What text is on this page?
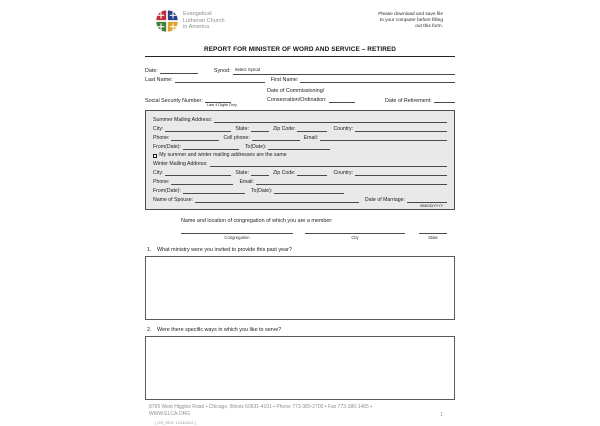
Evangelical
Lutheran Church
in America
Please download and save file
to your computer before filling
out this form.
REPORT FOR MINISTER OF WORD AND SERVICE – RETIRED
Date:	Synod: Select Synod
Last Name:	First Name:
Social Security Number:
Last 4 Digits Only
Date of Commissioning/
Consecration/Ordination:	Date of Retirement:
Summer Mailing Address:
City:	State:	Zip Code:	Country:
Phone:	Cell phone:	Email:
From(Date):	To(Date):
My summer and winter mailing addresses are the same
Winter Mailing Address:
City:	State:	Zip Code:	Country:
Phone:	Email:
From(Date):	To(Date):
Name of Spouse:	Date of Marriage:
MM/DD/YYYY
Name and location of congregation of which you are a member:
Congregation	City	State
1.	What ministry were you invited to provide this past year?
2.	Were there specific ways in which you like to serve?
8765 West Higgins Road ▪ Chicago, Illinois 60631-4101 ▪ Phone 773-380-2700 ▪ Fax 773-380-1465 ▪
WWW.ELCA.ORG	1
[ OS_REV: 12142022 ]
